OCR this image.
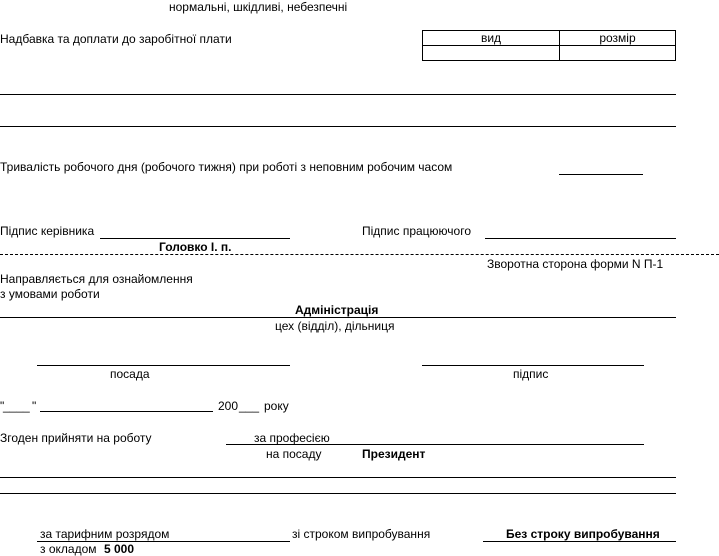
нормальні, шкідливі, небезпечні
Надбавка та доплати до заробітної плати	вид	розмір

Тривалість робочого дня (робочого тижня) при роботі з неповним робочим часом
Підпис керівника
Головко І. п.
Підпис працюючого
Зворотна сторона форми N П-1
Направляється для ознайомлення
з умовами роботи
Адміністрація
цех (відділ), дільниця
посада	підпис
"
____ "	200 ___ року
Згоден прийняти на роботу	за професією
на посаду	Президент
за тарифним розрядом	зі строком випробування	Без строку випробування
з окладом 5 000
